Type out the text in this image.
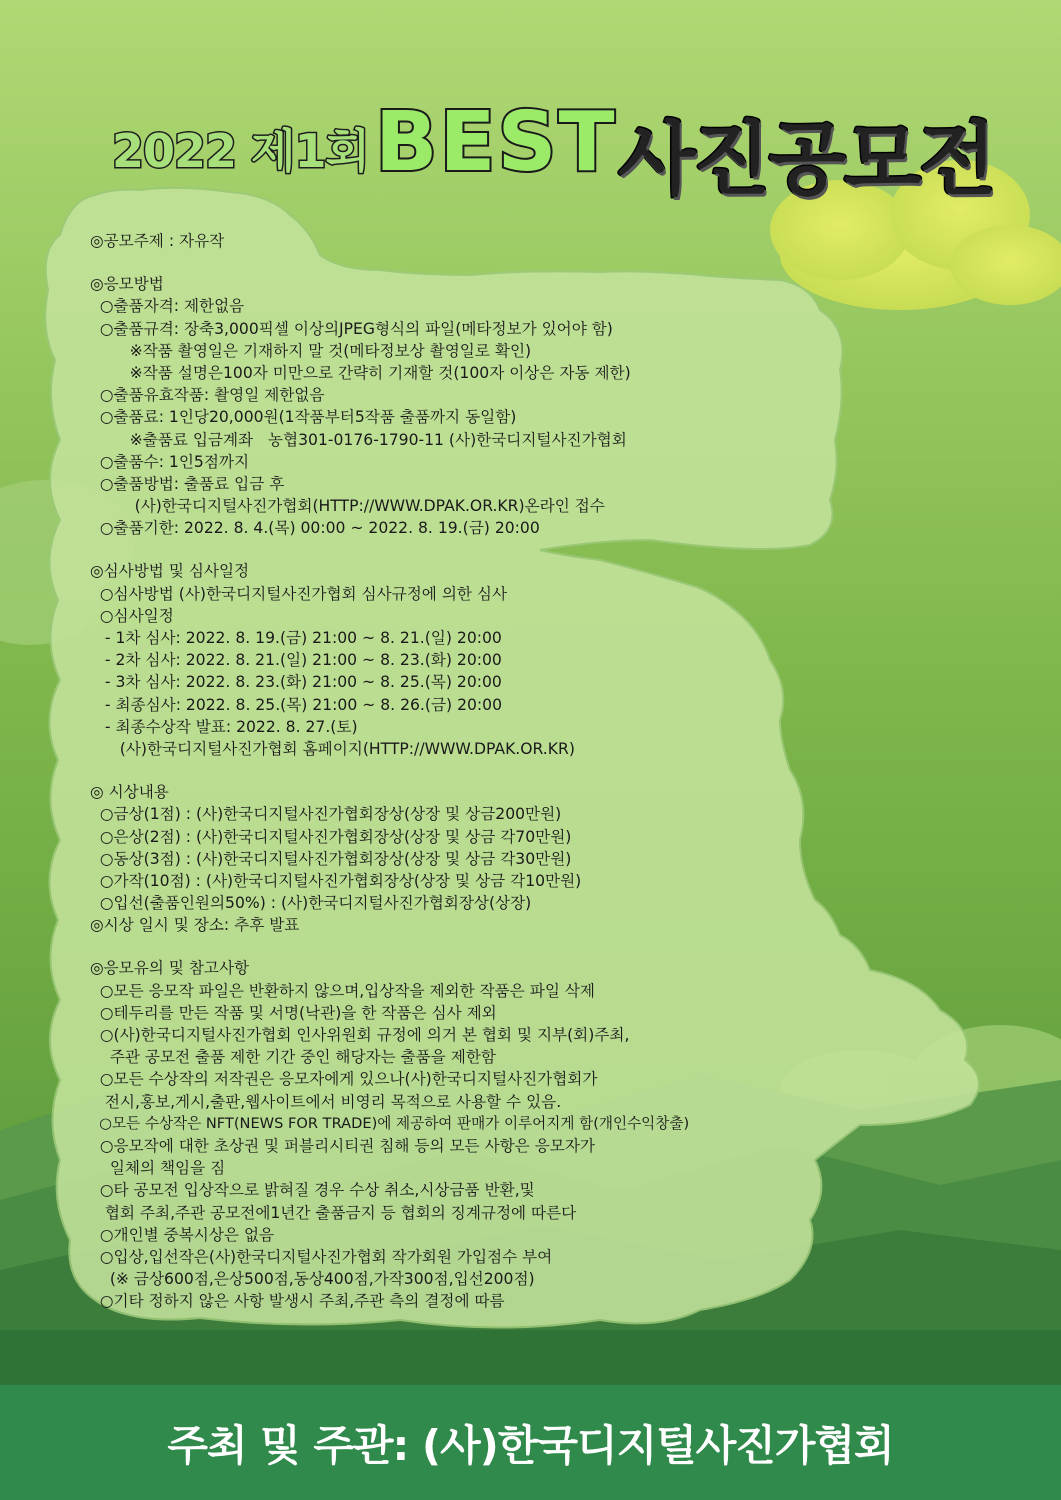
2022 제1회 BEST 사진공모전
◎공모주제 : 자유작
◎응모방법
○출품자격: 제한없음
○출품규격: 장축3,000픽셀 이상의JPEG형식의 파일(메타정보가 있어야 함)
※작품 촬영일은 기재하지 말 것(메타정보상 촬영일로 확인)
※작품 설명은100자 미만으로 간략히 기재할 것(100자 이상은 자동 제한)
○출품유효작품: 촬영일 제한없음
○출품료: 1인당20,000원(1작품부터5작품 출품까지 동일함)
※출품료 입금계좌   농협301-0176-1790-11 (사)한국디지털사진가협회
○출품수: 1인5점까지
○출품방법: 출품료 입금 후
(사)한국디지털사진가협회(HTTP://WWW.DPAK.OR.KR)온라인 접수
○출품기한: 2022. 8. 4.(목) 00:00 ~ 2022. 8. 19.(금) 20:00
◎심사방법 및 심사일정
○심사방법 (사)한국디지털사진가협회 심사규정에 의한 심사
○심사일정
- 1차 심사: 2022. 8. 19.(금) 21:00 ~ 8. 21.(일) 20:00
- 2차 심사: 2022. 8. 21.(일) 21:00 ~ 8. 23.(화) 20:00
- 3차 심사: 2022. 8. 23.(화) 21:00 ~ 8. 25.(목) 20:00
- 최종심사: 2022. 8. 25.(목) 21:00 ~ 8. 26.(금) 20:00
- 최종수상작 발표: 2022. 8. 27.(토)
(사)한국디지털사진가협회 홈페이지(HTTP://WWW.DPAK.OR.KR)
◎ 시상내용
○금상(1점) : (사)한국디지털사진가협회장상(상장 및 상금200만원)
○은상(2점) : (사)한국디지털사진가협회장상(상장 및 상금 각70만원)
○동상(3점) : (사)한국디지털사진가협회장상(상장 및 상금 각30만원)
○가작(10점) : (사)한국디지털사진가협회장상(상장 및 상금 각10만원)
○입선(출품인원의50%) : (사)한국디지털사진가협회장상(상장)
◎시상 일시 및 장소: 추후 발표
◎응모유의 및 참고사항
○모든 응모작 파일은 반환하지 않으며,입상작을 제외한 작품은 파일 삭제
○테두리를 만든 작품 및 서명(낙관)을 한 작품은 심사 제외
○(사)한국디지털사진가협회 인사위원회 규정에 의거 본 협회 및 지부(회)주최,
주관 공모전 출품 제한 기간 중인 해당자는 출품을 제한함
○모든 수상작의 저작권은 응모자에게 있으나(사)한국디지털사진가협회가
전시,홍보,게시,출판,웹사이트에서 비영리 목적으로 사용할 수 있음.
○모든 수상작은 NFT(NEWS FOR TRADE)에 제공하여 판매가 이루어지게 함(개인수익창출)
○응모작에 대한 초상권 및 퍼블리시티권 침해 등의 모든 사항은 응모자가
일체의 책임을 짐
○타 공모전 입상작으로 밝혀질 경우 수상 취소,시상금품 반환,및
협회 주최,주관 공모전에1년간 출품금지 등 협회의 징계규정에 따른다
○개인별 중복시상은 없음
○입상,입선작은(사)한국디지털사진가협회 작가회원 가입점수 부여
(※ 금상600점,은상500점,동상400점,가작300점,입선200점)
○기타 정하지 않은 사항 발생시 주최,주관 측의 결정에 따름
주최 및 주관: (사)한국디지털사진가협회
